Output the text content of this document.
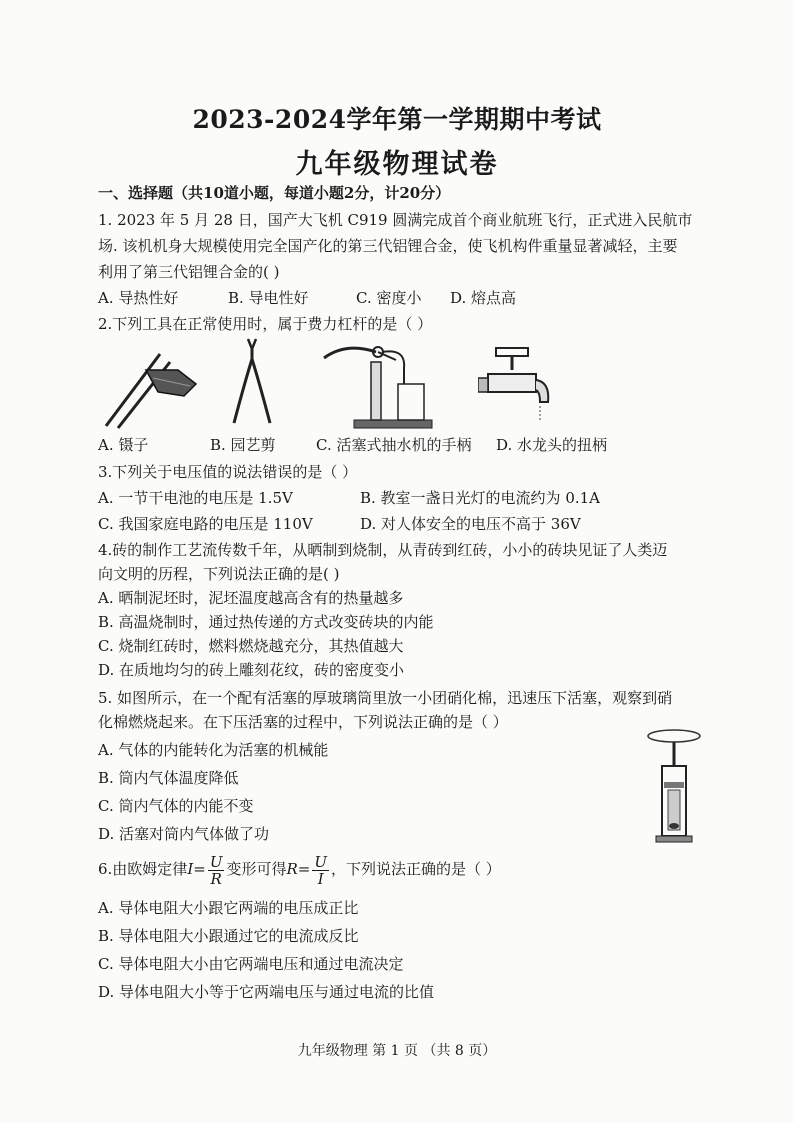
2023-2024学年第一学期期中考试
九年级物理试卷
一、选择题（共10道小题，每道小题2分，计20分）
1. 2023 年 5 月 28 日，国产大飞机 C919 圆满完成首个商业航班飞行，正式进入民航市
场. 该机机身大规模使用完全国产化的第三代铝锂合金，使飞机构件重量显著减轻，主要
利用了第三代铝锂合金的( )
A. 导热性好	B. 导电性好	C. 密度小 D. 熔点高
2.下列工具在正常使用时，属于费力杠杆的是（ ）
A. 镊子	B. 园艺剪	C. 活塞式抽水机的手柄 D. 水龙头的扭柄
3.下列关于电压值的说法错误的是（ ）
A. 一节干电池的电压是 1.5V	B. 教室一盏日光灯的电流约为 0.1A
C. 我国家庭电路的电压是 110V	D. 对人体安全的电压不高于 36V
4.砖的制作工艺流传数千年，从晒制到烧制，从青砖到红砖，小小的砖块见证了人类迈
向文明的历程，下列说法正确的是( )
A. 晒制泥坯时，泥坯温度越高含有的热量越多
B. 高温烧制时，通过热传递的方式改变砖块的内能
C. 烧制红砖时，燃料燃烧越充分，其热值越大
D. 在质地均匀的砖上雕刻花纹，砖的密度变小
5. 如图所示，在一个配有活塞的厚玻璃筒里放一小团硝化棉，迅速压下活塞，观察到硝
化棉燃烧起来。在下压活塞的过程中，下列说法正确的是（ ）
A. 气体的内能转化为活塞的机械能
B. 筒内气体温度降低
C. 筒内气体的内能不变
D. 活塞对筒内气体做了功
6.由欧姆定律$I= \frac{U}{R}$ 变形可得$R= \frac{U}{I}$ ，下列说法正确的是（ ）
A. 导体电阻大小跟它两端的电压成正比
B. 导体电阻大小跟通过它的电流成反比
C. 导体电阻大小由它两端电压和通过电流决定
D. 导体电阻大小等于它两端电压与通过电流的比值
九年级物理 第 1 页 （共 8 页）
